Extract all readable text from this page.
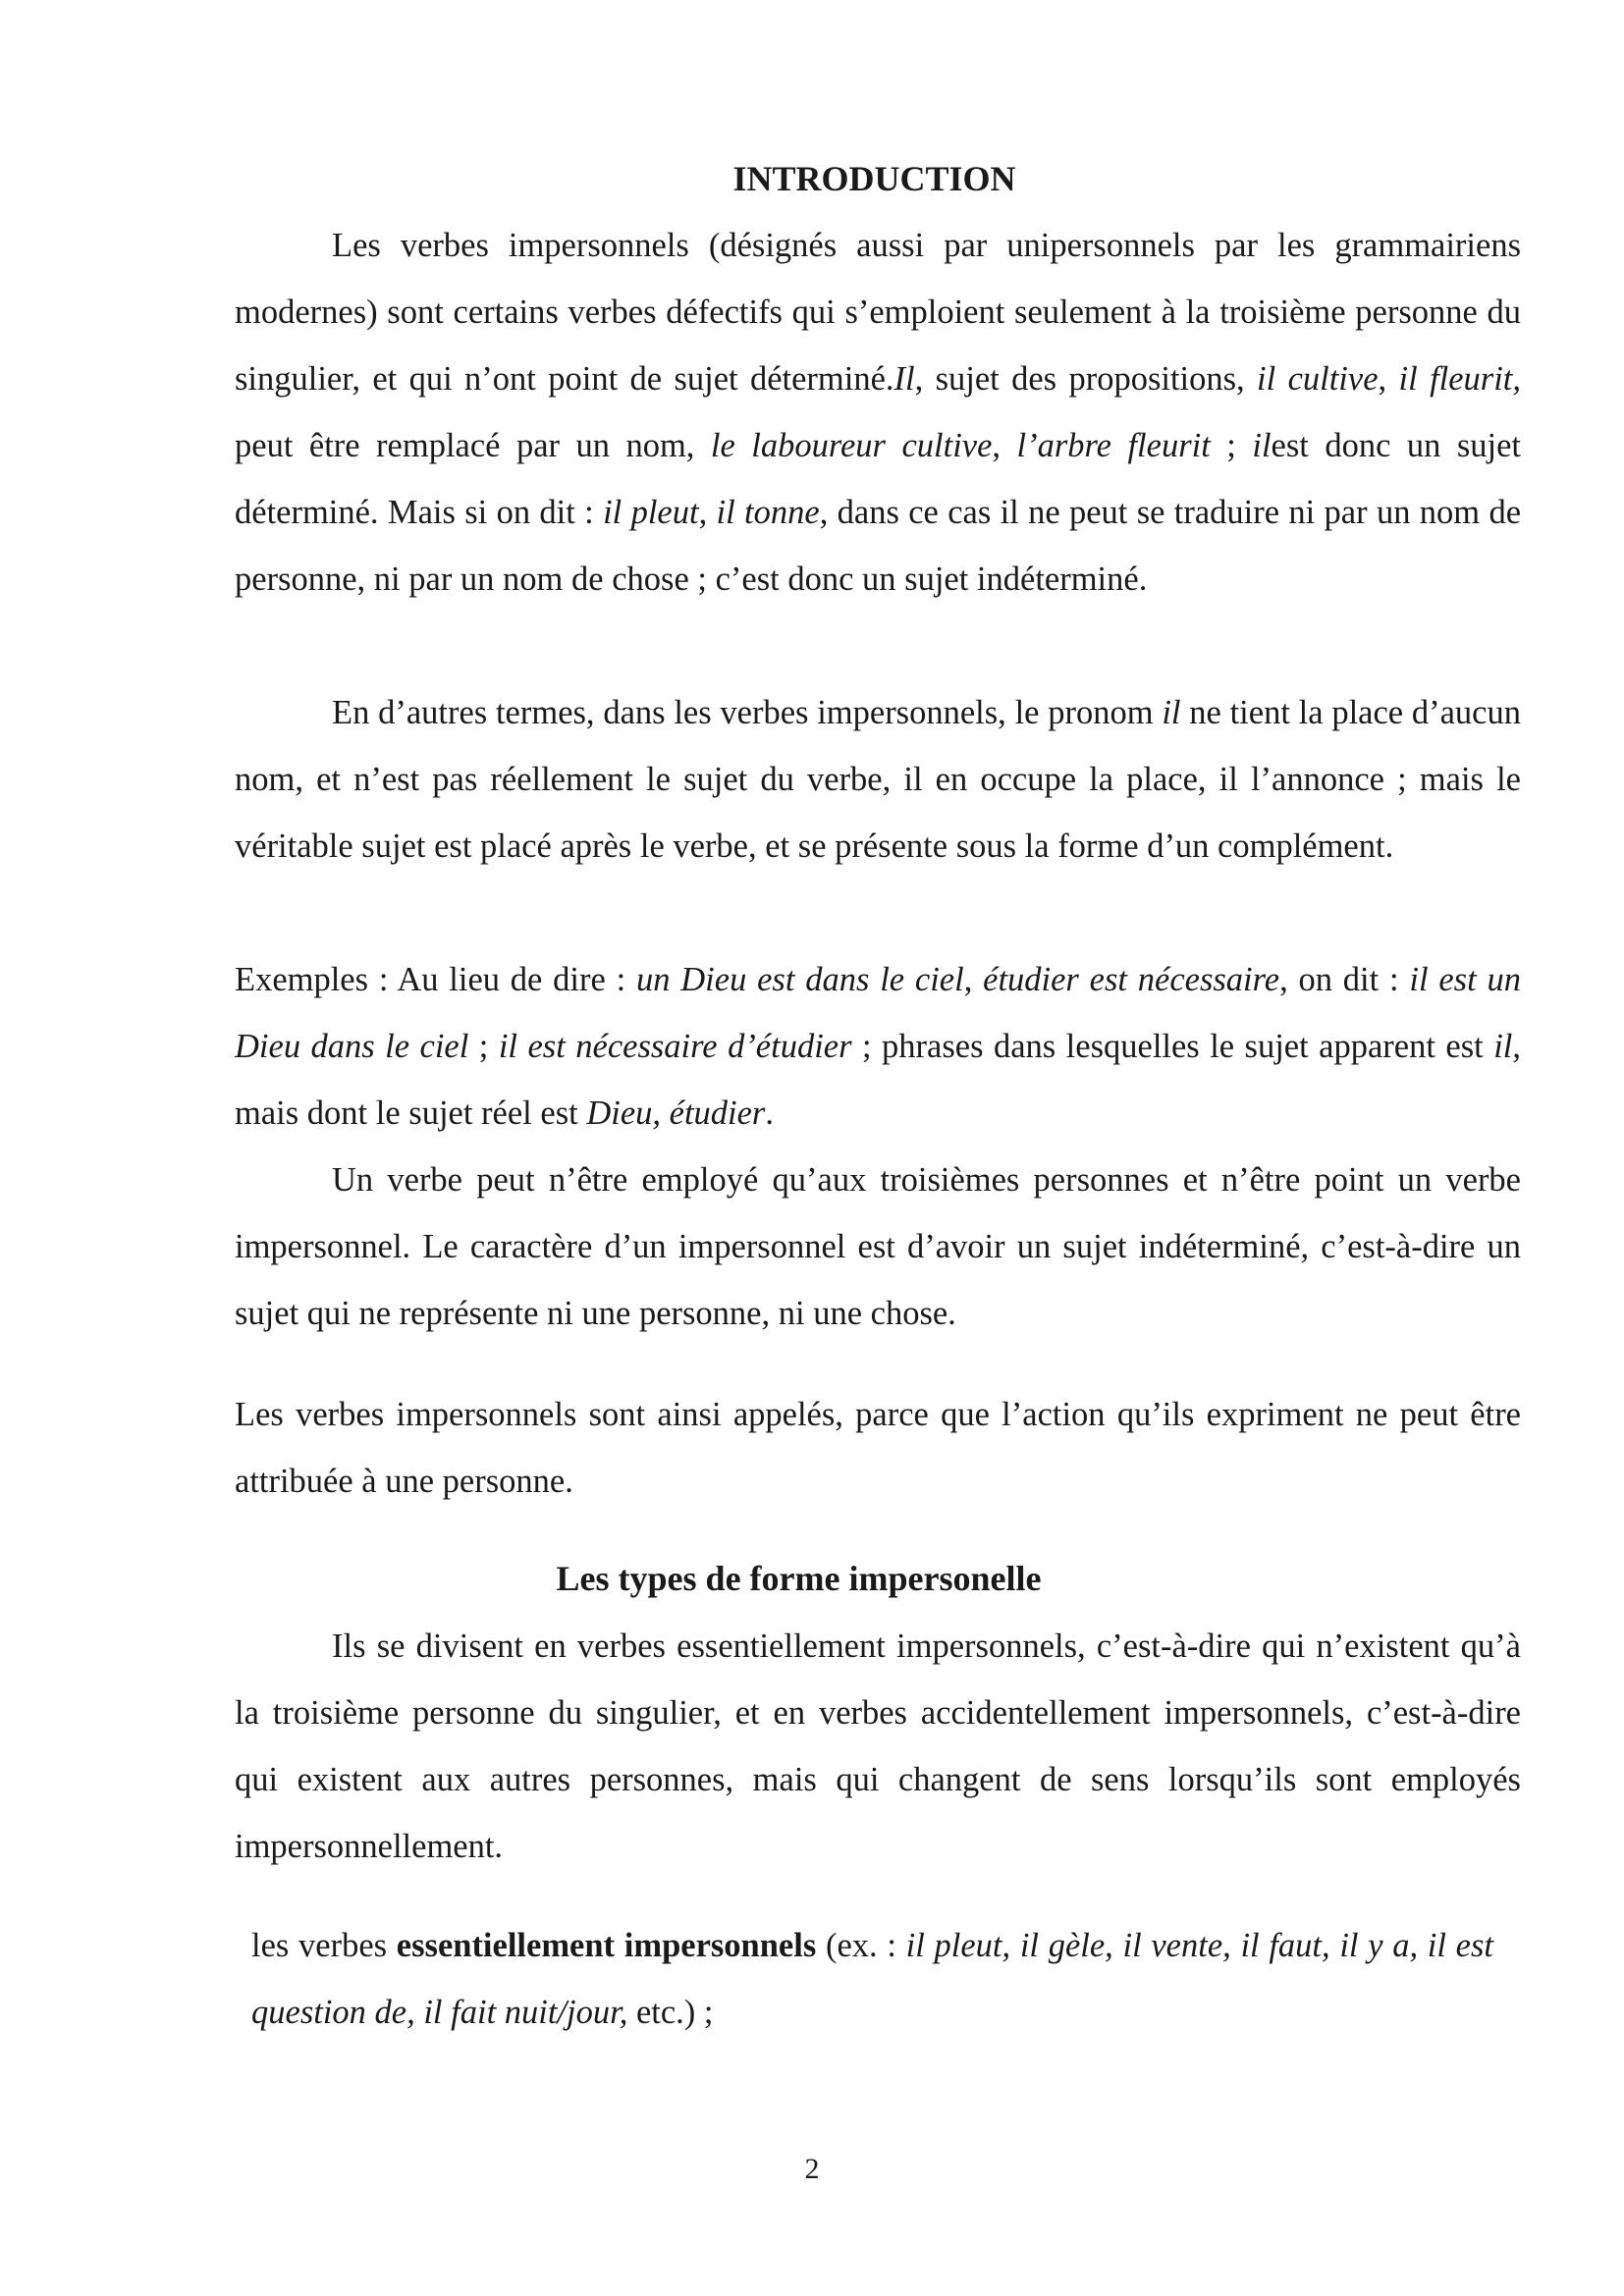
INTRODUCTION

Les verbes impersonnels (désignés aussi par unipersonnels par les grammairiens modernes) sont certains verbes défectifs qui s’emploient seulement à la troisième personne du singulier, et qui n’ont point de sujet déterminé.Il, sujet des propositions, il cultive, il fleurit, peut être remplacé par un nom, le laboureur cultive, l’arbre fleurit ; ilest donc un sujet déterminé. Mais si on dit : il pleut, il tonne, dans ce cas il ne peut se traduire ni par un nom de personne, ni par un nom de chose ; c’est donc un sujet indéterminé.

En d’autres termes, dans les verbes impersonnels, le pronom il ne tient la place d’aucun nom, et n’est pas réellement le sujet du verbe, il en occupe la place, il l’annonce ; mais le véritable sujet est placé après le verbe, et se présente sous la forme d’un complément.

Exemples : Au lieu de dire : un Dieu est dans le ciel, étudier est nécessaire, on dit : il est un Dieu dans le ciel ; il est nécessaire d’étudier ; phrases dans lesquelles le sujet apparent est il, mais dont le sujet réel est Dieu, étudier.

Un verbe peut n’être employé qu’aux troisièmes personnes et n’être point un verbe impersonnel. Le caractère d’un impersonnel est d’avoir un sujet indéterminé, c’est-à-dire un sujet qui ne représente ni une personne, ni une chose.

Les verbes impersonnels sont ainsi appelés, parce que l’action qu’ils expriment ne peut être attribuée à une personne.

Les types de forme impersonelle

Ils se divisent en verbes essentiellement impersonnels, c’est-à-dire qui n’existent qu’à la troisième personne du singulier, et en verbes accidentellement impersonnels, c’est-à-dire qui existent aux autres personnes, mais qui changent de sens lorsqu’ils sont employés impersonnellement.

les verbes essentiellement impersonnels (ex. : il pleut, il gèle, il vente, il faut, il y a, il est question de, il fait nuit/jour, etc.) ;

2
